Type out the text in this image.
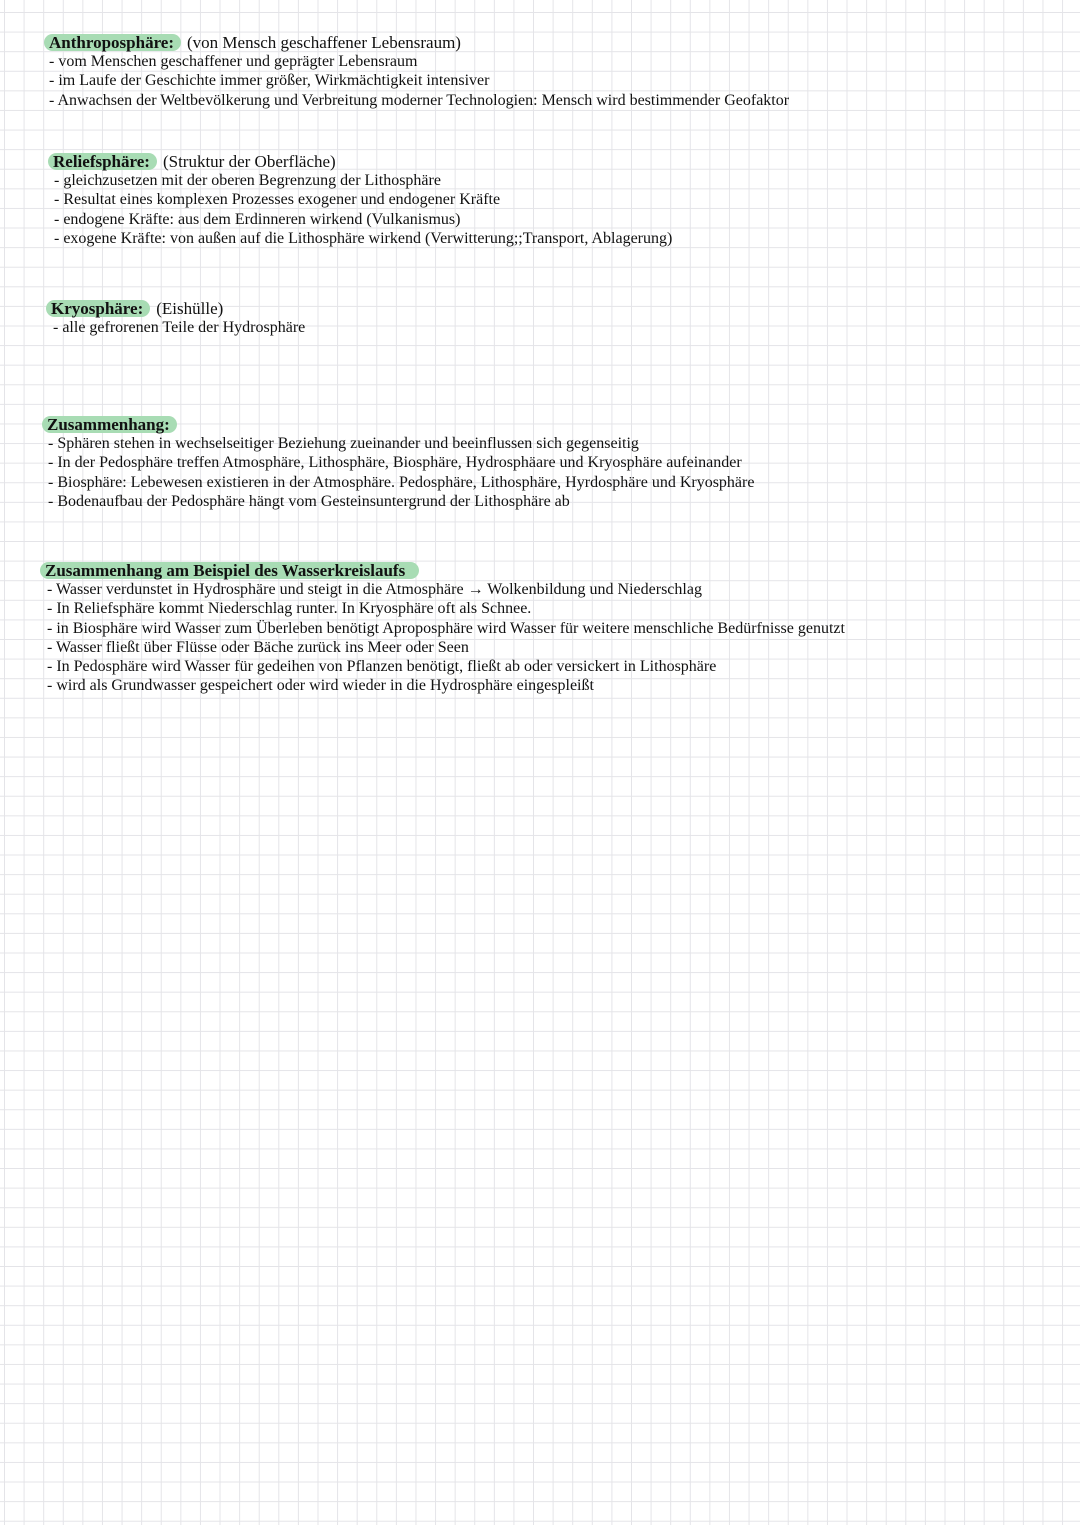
Anthroposphäre: (von Mensch geschaffener Lebensraum)
- vom Menschen geschaffener und geprägter Lebensraum
- im Laufe der Geschichte immer größer, Wirkmächtigkeit intensiver
- Anwachsen der Weltbevölkerung und Verbreitung moderner Technologien: Mensch wird bestimmender Geofaktor
Reliefsphäre: (Struktur der Oberfläche)
- gleichzusetzen mit der oberen Begrenzung der Lithosphäre
- Resultat eines komplexen Prozesses exogener und endogener Kräfte
- endogene Kräfte: aus dem Erdinneren wirkend (Vulkanismus)
- exogene Kräfte: von außen auf die Lithosphäre wirkend (Verwitterung;;Transport, Ablagerung)
Kryosphäre: (Eishülle)
- alle gefrorenen Teile der Hydrosphäre
Zusammenhang:
- Sphären stehen in wechselseitiger Beziehung zueinander und beeinflussen sich gegenseitig
- In der Pedosphäre treffen Atmosphäre, Lithosphäre, Biosphäre, Hydrosphäare und Kryosphäre aufeinander
- Biosphäre: Lebewesen existieren in der Atmosphäre. Pedosphäre, Lithosphäre, Hyrdosphäre und Kryosphäre
- Bodenaufbau der Pedosphäre hängt vom Gesteinsuntergrund der Lithosphäre ab
Zusammenhang am Beispiel des Wasserkreislaufs
- Wasser verdunstet in Hydrosphäre und steigt in die Atmosphäre → Wolkenbildung und Niederschlag
- In Reliefsphäre kommt Niederschlag runter. In Kryosphäre oft als Schnee.
- in Biosphäre wird Wasser zum Überleben benötigt Aproposphäre wird Wasser für weitere menschliche Bedürfnisse genutzt
- Wasser fließt über Flüsse oder Bäche zurück ins Meer oder Seen
- In Pedosphäre wird Wasser für gedeihen von Pflanzen benötigt, fließt ab oder versickert in Lithosphäre
- wird als Grundwasser gespeichert oder wird wieder in die Hydrosphäre eingespleißt
